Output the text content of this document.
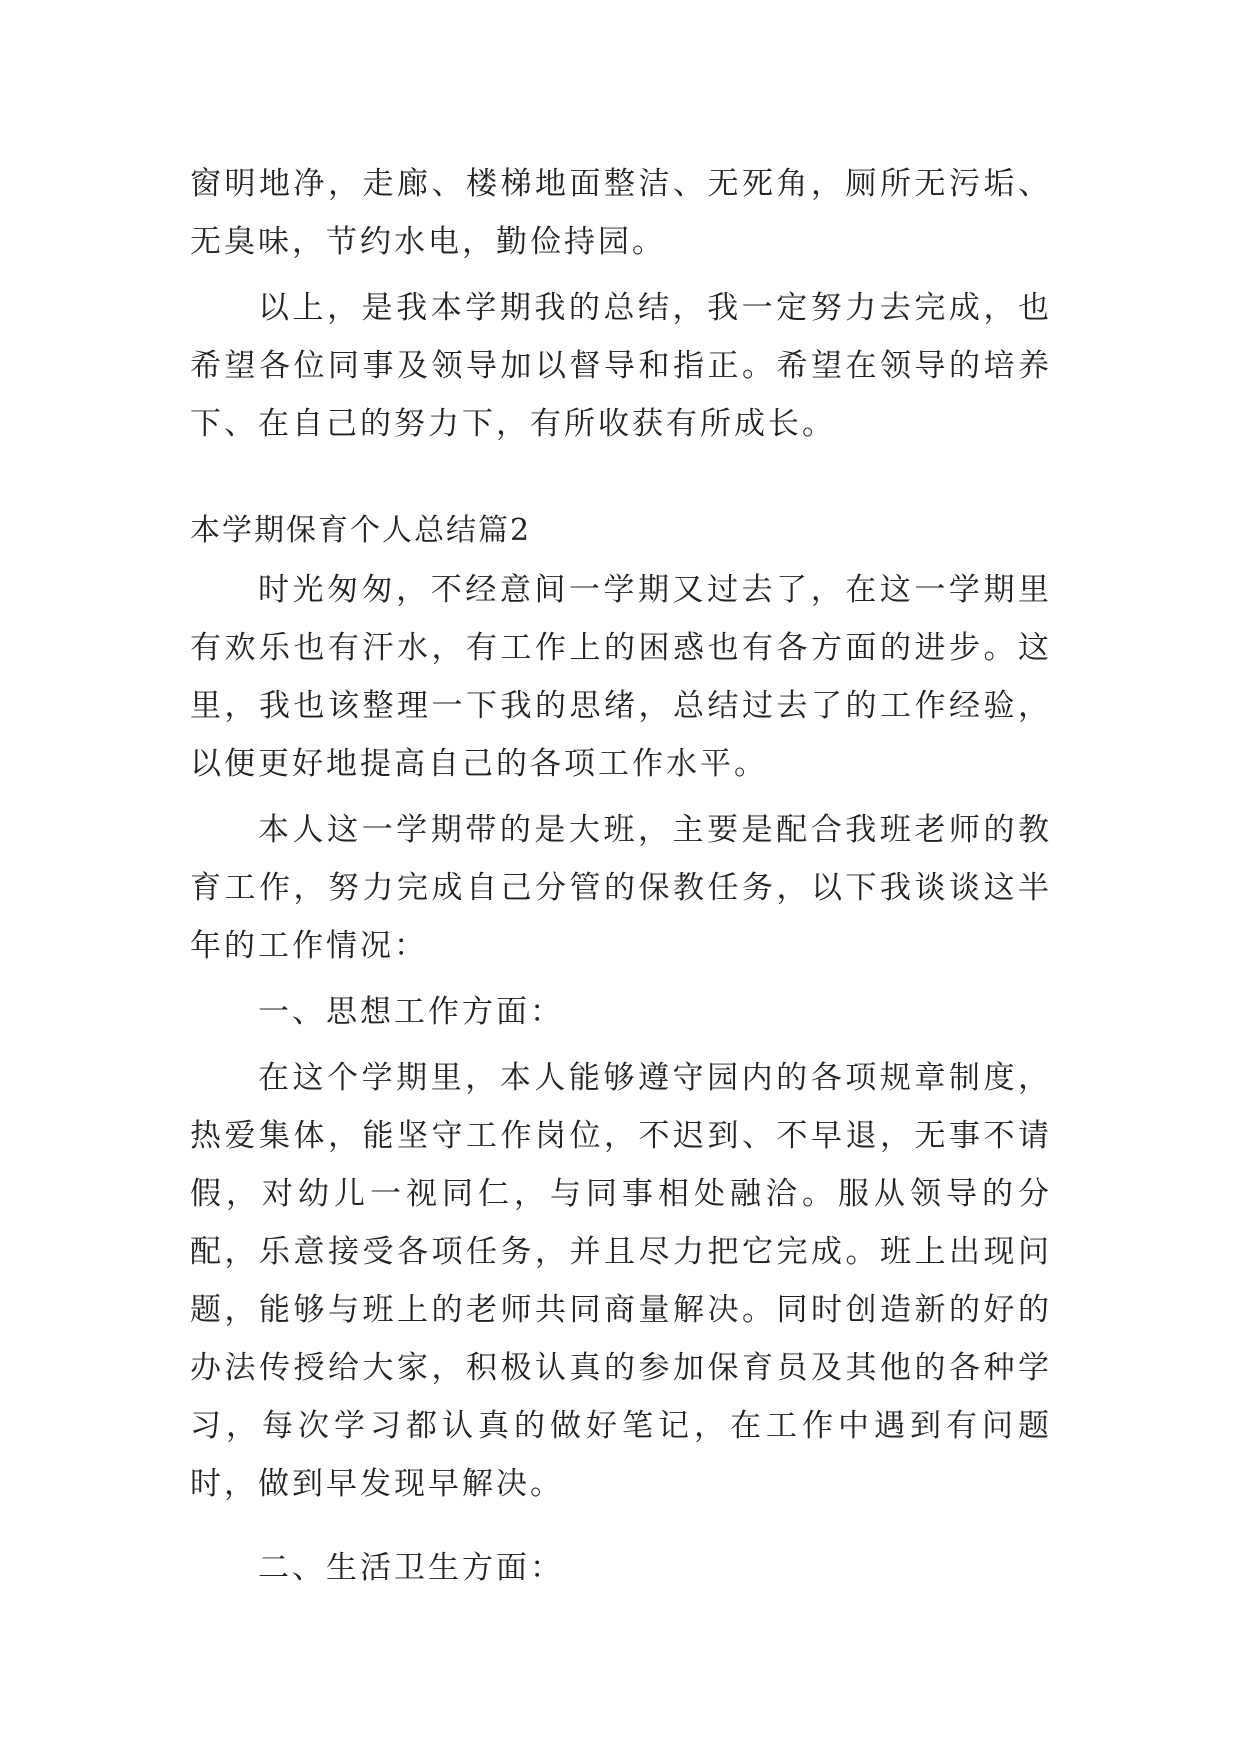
窗明地净，走廊、楼梯地面整洁、无死角，厕所无污垢、无臭味，节约水电，勤俭持园。

以上，是我本学期我的总结，我一定努力去完成，也希望各位同事及领导加以督导和指正。希望在领导的培养下、在自己的努力下，有所收获有所成长。

本学期保育个人总结篇2

时光匆匆，不经意间一学期又过去了，在这一学期里有欢乐也有汗水，有工作上的困惑也有各方面的进步。这里，我也该整理一下我的思绪，总结过去了的工作经验，以便更好地提高自己的各项工作水平。

本人这一学期带的是大班，主要是配合我班老师的教育工作，努力完成自己分管的保教任务，以下我谈谈这半年的工作情况：

一、思想工作方面：

在这个学期里，本人能够遵守园内的各项规章制度，热爱集体，能坚守工作岗位，不迟到、不早退，无事不请假，对幼儿一视同仁，与同事相处融洽。服从领导的分配，乐意接受各项任务，并且尽力把它完成。班上出现问题，能够与班上的老师共同商量解决。同时创造新的好的办法传授给大家，积极认真的参加保育员及其他的各种学习，每次学习都认真的做好笔记，在工作中遇到有问题时，做到早发现早解决。

二、生活卫生方面：
